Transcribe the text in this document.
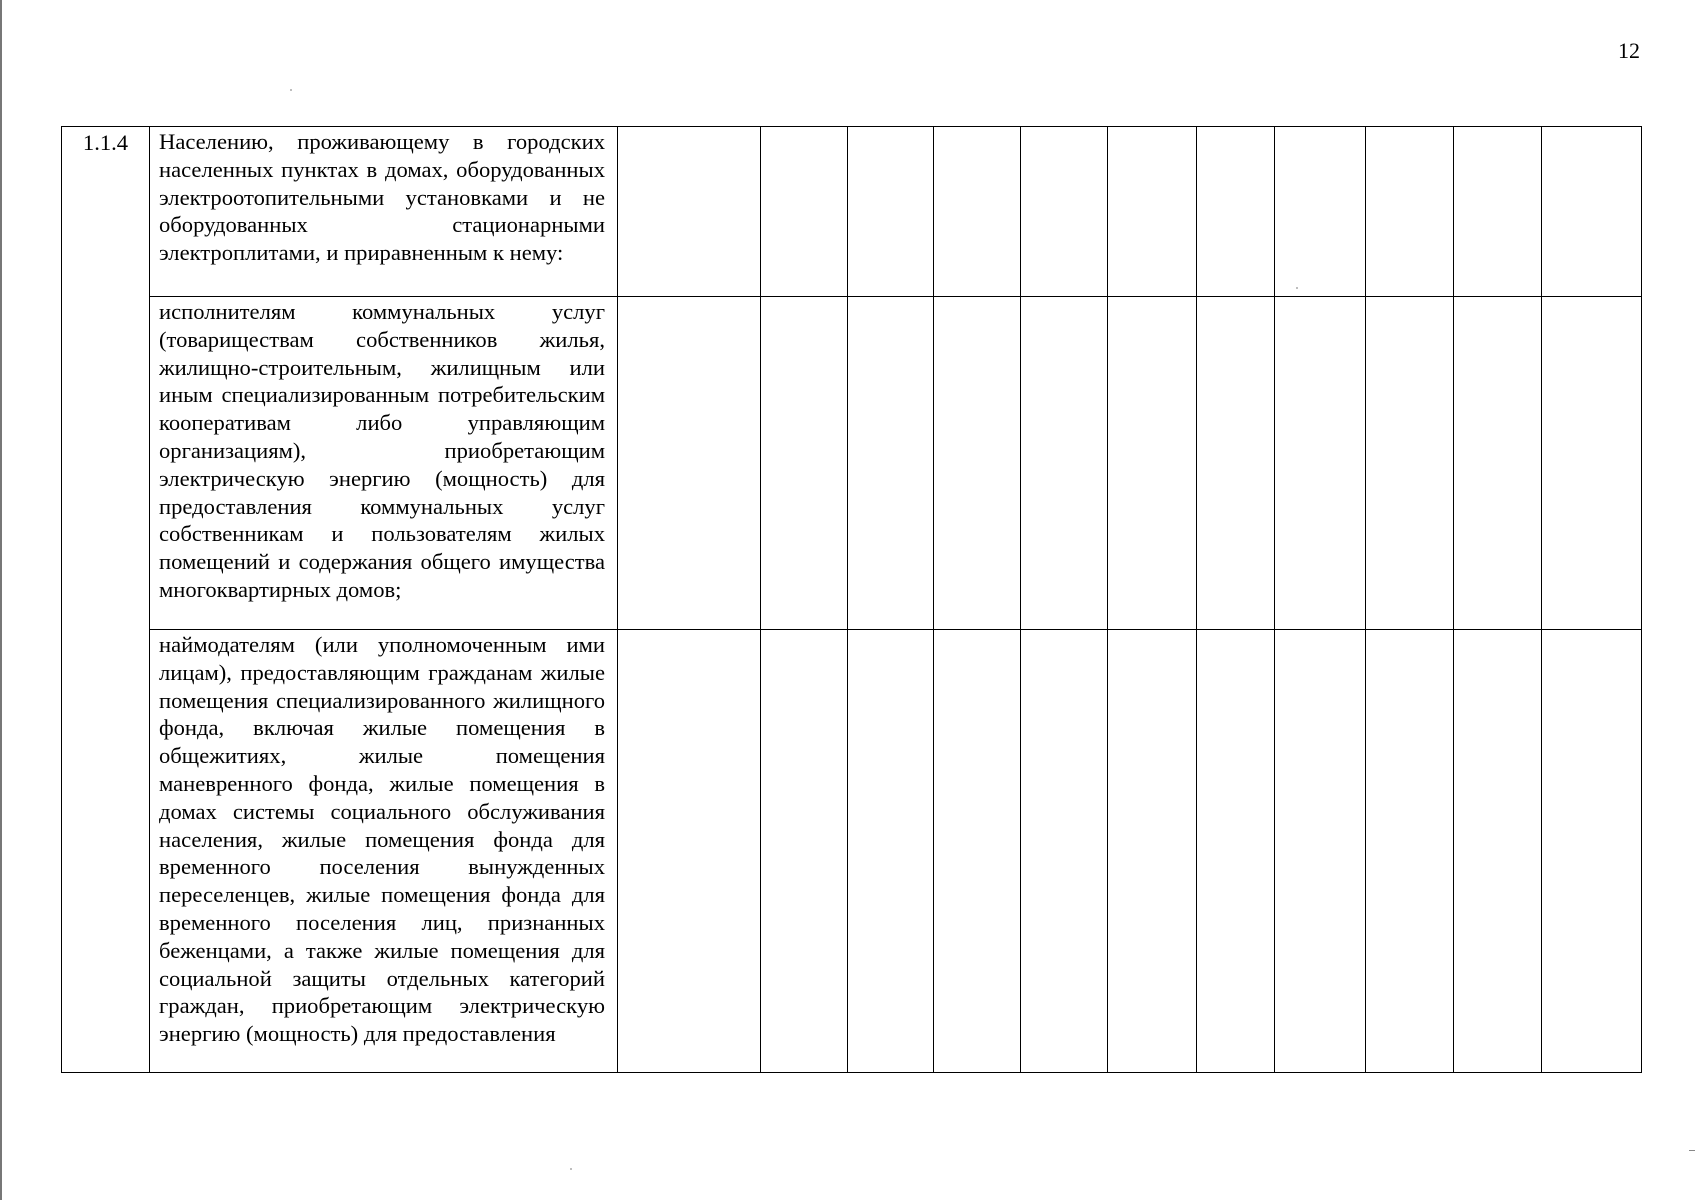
12
1.1.4	Населению, проживающему в городских населенных пунктах в домах, оборудованных электроотопительными установками и не оборудованных стационарными электроплитами, и приравненным к нему:											

	исполнителям коммунальных услуг (товариществам собственников жилья, жилищно-строительным, жилищным или иным специализированным потребительским кооперативам либо управляющим организациям), приобретающим электрическую энергию (мощность) для предоставления коммунальных услуг собственникам и пользователям жилых помещений и содержания общего имущества многоквартирных домов;											

	наймодателям (или уполномоченным ими лицам), предоставляющим гражданам жилые помещения специализированного жилищного фонда, включая жилые помещения в общежитиях, жилые помещения маневренного фонда, жилые помещения в домах системы социального обслуживания населения, жилые помещения фонда для временного поселения вынужденных переселенцев, жилые помещения фонда для временного поселения лиц, признанных беженцами, а также жилые помещения для социальной защиты отдельных категорий граждан, приобретающим электрическую энергию (мощность) для предоставления											
